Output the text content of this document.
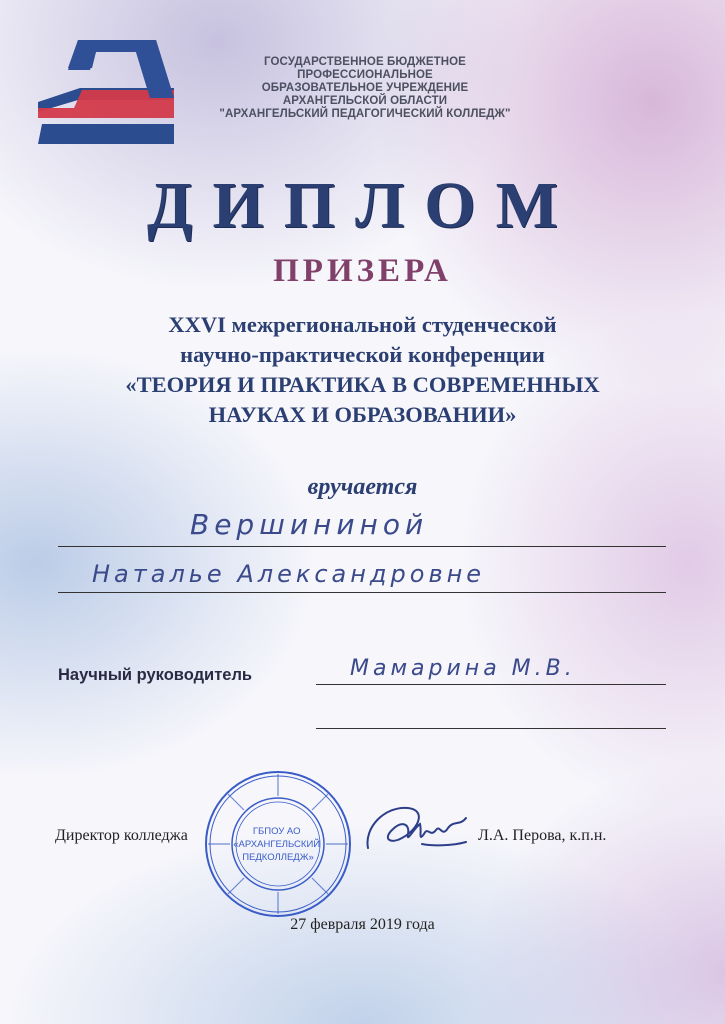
ГОСУДАРСТВЕННОЕ БЮДЖЕТНОЕ
ПРОФЕССИОНАЛЬНОЕ
ОБРАЗОВАТЕЛЬНОЕ УЧРЕЖДЕНИЕ
АРХАНГЕЛЬСКОЙ ОБЛАСТИ
"АРХАНГЕЛЬСКИЙ ПЕДАГОГИЧЕСКИЙ КОЛЛЕДЖ"
ДИПЛОМ
ПРИЗЕРА
XXVI межрегиональной студенческой
научно-практической конференции
«ТЕОРИЯ И ПРАКТИКА В СОВРЕМЕННЫХ
НАУКАХ И ОБРАЗОВАНИИ»
вручается
Вершининой
Наталье Александровне
Научный руководитель	Мамарина М.В.
ГБПОУ АО «АРХАНГЕЛЬСКИЙ ПЕДКОЛЛЕДЖ»
Директор колледжа	Л.А. Перова, к.п.н.
27 февраля 2019 года
